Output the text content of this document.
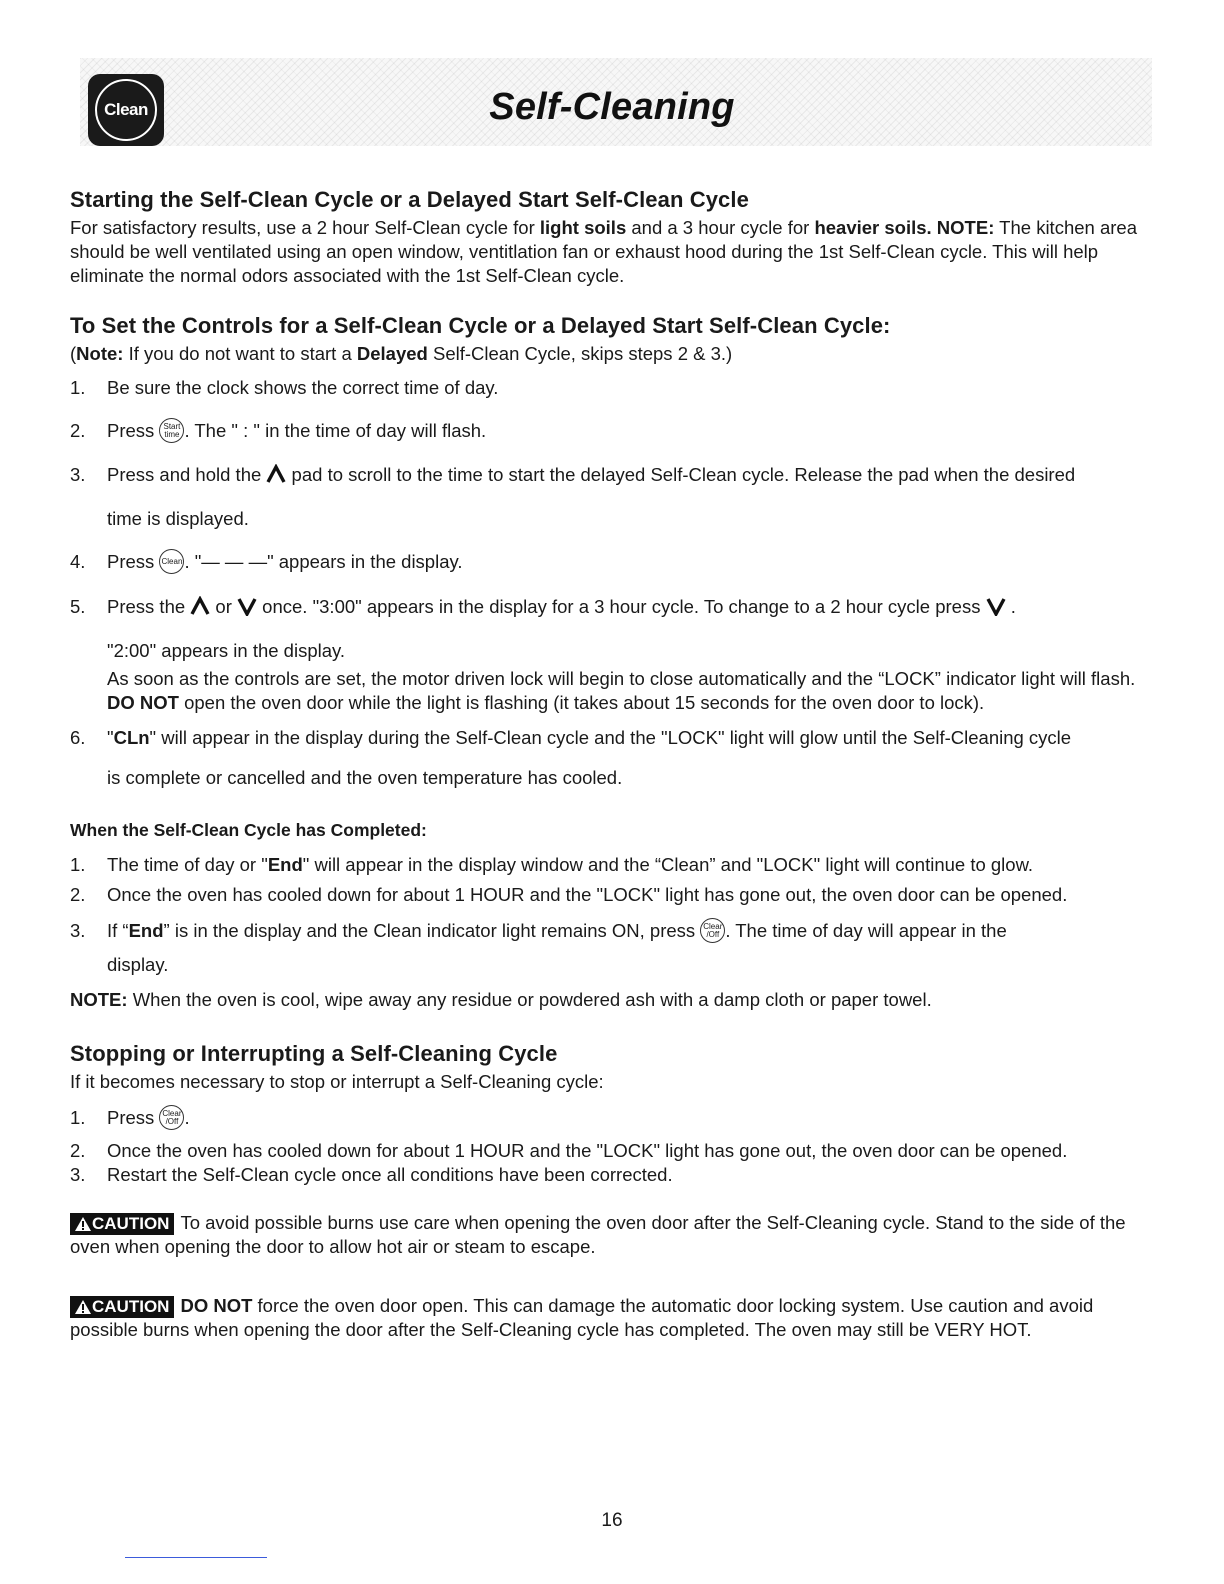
Clean	Self-Cleaning
Starting the Self-Clean Cycle or a Delayed Start Self-Clean Cycle
For satisfactory results, use a 2 hour Self-Clean cycle for light soils and a 3 hour cycle for heavier soils. NOTE: The kitchen area should be well ventilated using an open window, ventitlation fan or exhaust hood during the 1st Self-Clean cycle. This will help eliminate the normal odors associated with the 1st Self-Clean cycle.
To Set the Controls for a Self-Clean Cycle or a Delayed Start Self-Clean Cycle:
(Note: If you do not want to start a Delayed Self-Clean Cycle, skips steps 2 & 3.)
1.	Be sure the clock shows the correct time of day.
2.	Press Start
time . The " : " in the time of day will flash.
3.	Press and hold the  pad to scroll to the time to start the delayed Self-Clean cycle. Release the pad when the desired
time is displayed.
4.	Press Clean . "— — —" appears in the display.
5.	Press the  or  once. "3:00" appears in the display for a 3 hour cycle. To change to a 2 hour cycle press  .
"2:00" appears in the display.
As soon as the controls are set, the motor driven lock will begin to close automatically and the “LOCK” indicator light will flash. DO NOT open the oven door while the light is flashing (it takes about 15 seconds for the oven door to lock).
6.	"CLn" will appear in the display during the Self-Clean cycle and the "LOCK" light will glow until the Self-Cleaning cycle
is complete or cancelled and the oven temperature has cooled.
When the Self-Clean Cycle has Completed:
1.	The time of day or "End" will appear in the display window and the “Clean” and "LOCK" light will continue to glow.
2.	Once the oven has cooled down for about 1 HOUR and the "LOCK" light has gone out, the oven door can be opened.
3.	If “End” is in the display and the Clean indicator light remains ON, press Clear
/Off . The time of day will appear in the
display.
NOTE: When the oven is cool, wipe away any residue or powdered ash with a damp cloth or paper towel.
Stopping or Interrupting a Self-Cleaning Cycle
If it becomes necessary to stop or interrupt a Self-Cleaning cycle:
1.	Press Clear
/Off .
2.	Once the oven has cooled down for about 1 HOUR and the "LOCK" light has gone out, the oven door can be opened.
3.	Restart the Self-Clean cycle once all conditions have been corrected.
CAUTION To avoid possible burns use care when opening the oven door after the Self-Cleaning cycle. Stand to the side of the oven when opening the door to allow hot air or steam to escape.
CAUTION DO NOT force the oven door open. This can damage the automatic door locking system. Use caution and avoid possible burns when opening the door after the Self-Cleaning cycle has completed. The oven may still be VERY HOT.
16
